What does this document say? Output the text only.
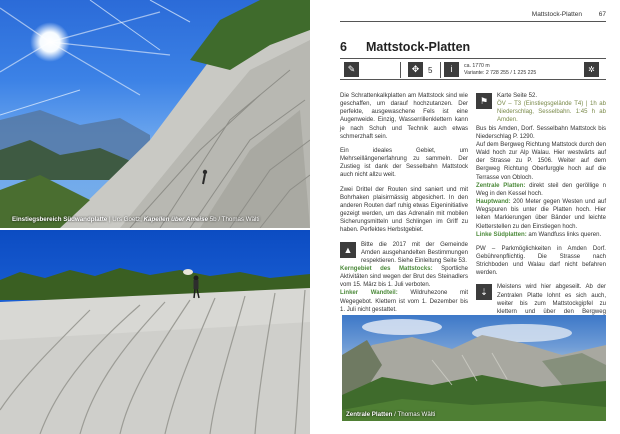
Einstiegsbereich Südwandplatte | Urs Goetz, Kapellen über Ameise 5b / Thomas Wälti
Mattstock-Platten	67
6 Mattstock-Platten
✎	✥	5	i	ca. 1770 m
Variante: 2 728 255 / 1 225 225	✲

Die Schrattenkalkplatten am Mattstock sind wie geschaffen, um darauf hochzutanzen. Der perfekte, ausgewaschene Fels ist eine Augenweide. Einzig, Wasserrillenklettern kann je nach Schuh und Technik auch etwas schmerzhaft sein.

Ein ideales Gebiet, um Mehrseillängenerfahrung zu sammeln. Der Zustieg ist dank der Sesselbahn Mattstock auch nicht allzu weit.

Zwei Drittel der Routen sind saniert und mit Bohrhaken plaisirmässig abgesichert. In den anderen Routen darf ruhig etwas Eigeninitiative gezeigt werden, um das Adrenalin mit mobilen Sicherungsmitteln und Schlingen im Griff zu haben. Perfektes Herbstgebiet.

▲	Bitte die 2017 mit der Gemeinde Amden ausgehandelten Bestimmungen respektieren. Siehe Einleitung Seite 53.

Kerngebiet des Mattstocks: Sportliche Aktivitäten sind wegen der Brut des Steinadlers vom 15. März bis 1. Juli verboten.

Linker Wandteil: Wildruhezone mit Wegegebot. Klettern ist vom 1. Dezember bis 1. Juli nicht gestattet.

⚑	Karte Seite 52.
ÖV – T3 (Einstiegsgelände T4) | 1h ab Niederschlag, Sesselbahn. 1:45 h ab Amden.

Bus bis Amden, Dorf. Sesselbahn Mattstock bis Niederschlag P. 1290.

Auf dem Bergweg Richtung Mattstock durch den Wald hoch zur Alp Walau. Hier westwärts auf der Strasse zu P. 1506. Weiter auf dem Bergweg Richtung Oberfurggle hoch auf die Terrasse von Obloch.

Zentrale Platten: direkt steil den geröllige n Weg in den Kessel hoch.

Hauptwand: 200 Meter gegen Westen und auf Wegspuren bis unter die Platten hoch. Hier leiten Markierungen über Bänder und leichte Kletterstellen zu den Einstiegen hoch.

Linke Südplatten: am Wandfuss links queren.

PW – Parkmöglichkeiten in Amden Dorf. Gebührenpflichtig. Die Strasse nach Strichboden und Walau darf nicht befahren werden.

⇣	Meistens wird hier abgeseilt. Ab der Zentralen Platte lohnt es sich auch, weiter bis zum Mattstockgipfel zu klettern und über den Bergweg
Zentrale Platten / Thomas Wälti
